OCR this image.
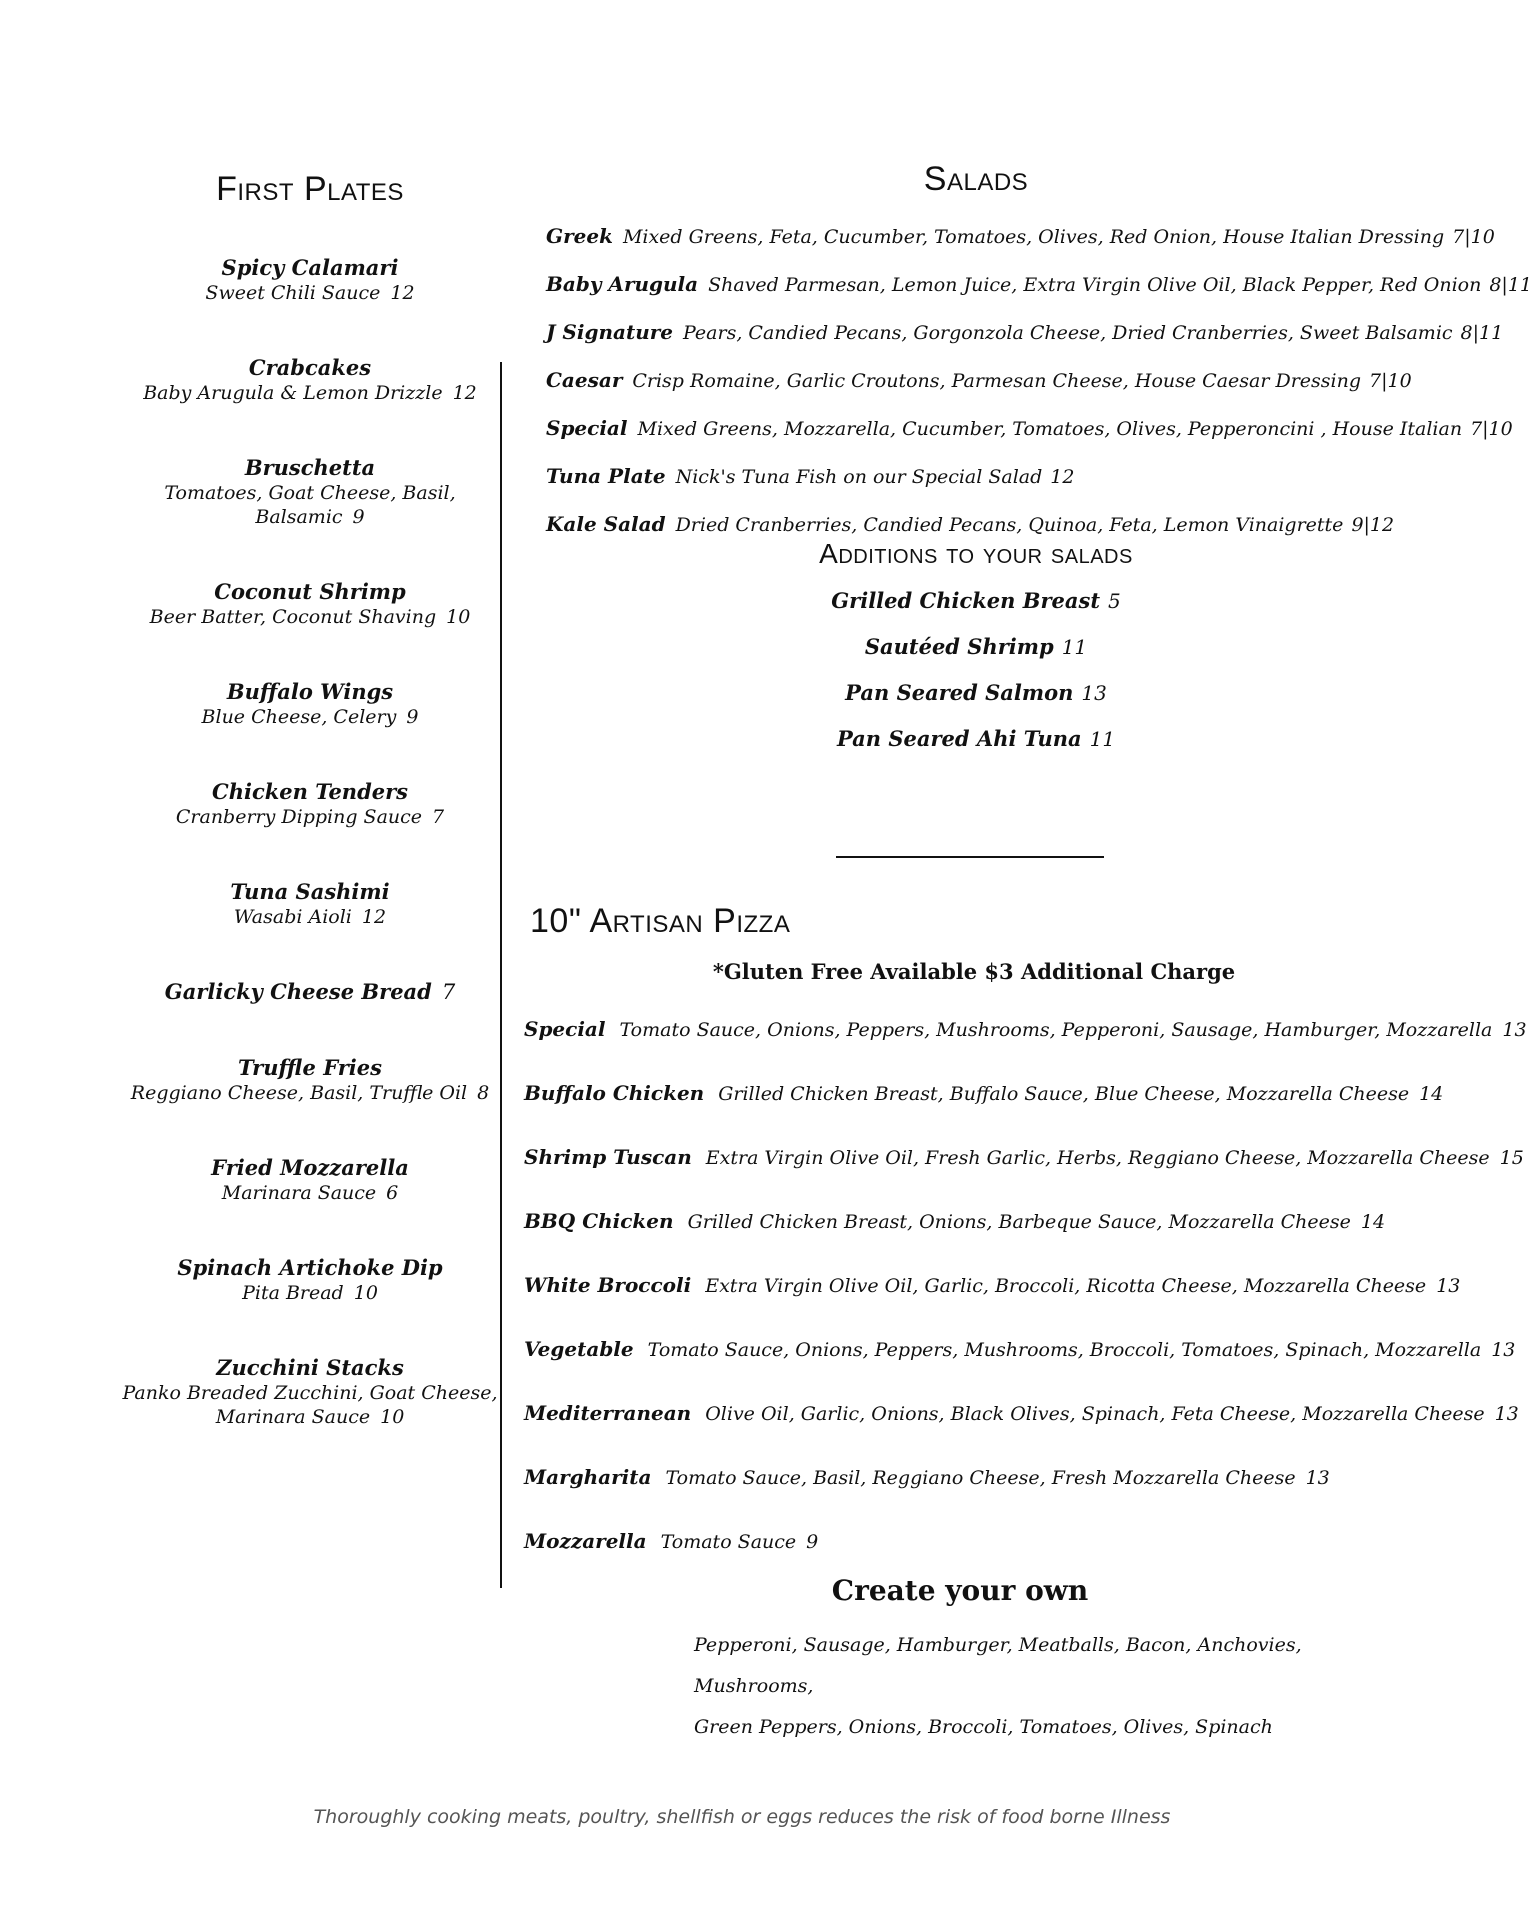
First Plates
Spicy Calamari
Sweet Chili Sauce 12
Crabcakes
Baby Arugula & Lemon Drizzle 12
Bruschetta
Tomatoes, Goat Cheese, Basil, Balsamic 9
Coconut Shrimp
Beer Batter, Coconut Shaving 10
Buffalo Wings
Blue Cheese, Celery 9
Chicken Tenders
Cranberry Dipping Sauce 7
Tuna Sashimi
Wasabi Aioli 12
Garlicky Cheese Bread 7
Truffle Fries
Reggiano Cheese, Basil, Truffle Oil 8
Fried Mozzarella
Marinara Sauce 6
Spinach Artichoke Dip
Pita Bread 10
Zucchini Stacks
Panko Breaded Zucchini, Goat Cheese,
Marinara Sauce 10
Salads
Greek Mixed Greens, Feta, Cucumber, Tomatoes, Olives, Red Onion, House Italian Dressing 7|10
Baby Arugula Shaved Parmesan, Lemon Juice, Extra Virgin Olive Oil, Black Pepper, Red Onion 8|11
J Signature Pears, Candied Pecans, Gorgonzola Cheese, Dried Cranberries, Sweet Balsamic 8|11
Caesar Crisp Romaine, Garlic Croutons, Parmesan Cheese, House Caesar Dressing 7|10
Special Mixed Greens, Mozzarella, Cucumber, Tomatoes, Olives, Pepperoncini , House Italian 7|10
Tuna Plate Nick's Tuna Fish on our Special Salad 12
Kale Salad Dried Cranberries, Candied Pecans, Quinoa, Feta, Lemon Vinaigrette 9|12
Additions to your salads
Grilled Chicken Breast 5
Sautéed Shrimp 11
Pan Seared Salmon 13
Pan Seared Ahi Tuna 11
10" Artisan Pizza
*Gluten Free Available $3 Additional Charge
Special Tomato Sauce, Onions, Peppers, Mushrooms, Pepperoni, Sausage, Hamburger, Mozzarella 13
Buffalo Chicken Grilled Chicken Breast, Buffalo Sauce, Blue Cheese, Mozzarella Cheese 14
Shrimp Tuscan Extra Virgin Olive Oil, Fresh Garlic, Herbs, Reggiano Cheese, Mozzarella Cheese 15
BBQ Chicken Grilled Chicken Breast, Onions, Barbeque Sauce, Mozzarella Cheese 14
White Broccoli Extra Virgin Olive Oil, Garlic, Broccoli, Ricotta Cheese, Mozzarella Cheese 13
Vegetable Tomato Sauce, Onions, Peppers, Mushrooms, Broccoli, Tomatoes, Spinach, Mozzarella 13
Mediterranean Olive Oil, Garlic, Onions, Black Olives, Spinach, Feta Cheese, Mozzarella Cheese 13
Margharita Tomato Sauce, Basil, Reggiano Cheese, Fresh Mozzarella Cheese 13
Mozzarella Tomato Sauce 9
Create your own
Pepperoni, Sausage, Hamburger, Meatballs, Bacon, Anchovies, Mushrooms,
Green Peppers, Onions, Broccoli, Tomatoes, Olives, Spinach
Thoroughly cooking meats, poultry, shellfish or eggs reduces the risk of food borne Illness
